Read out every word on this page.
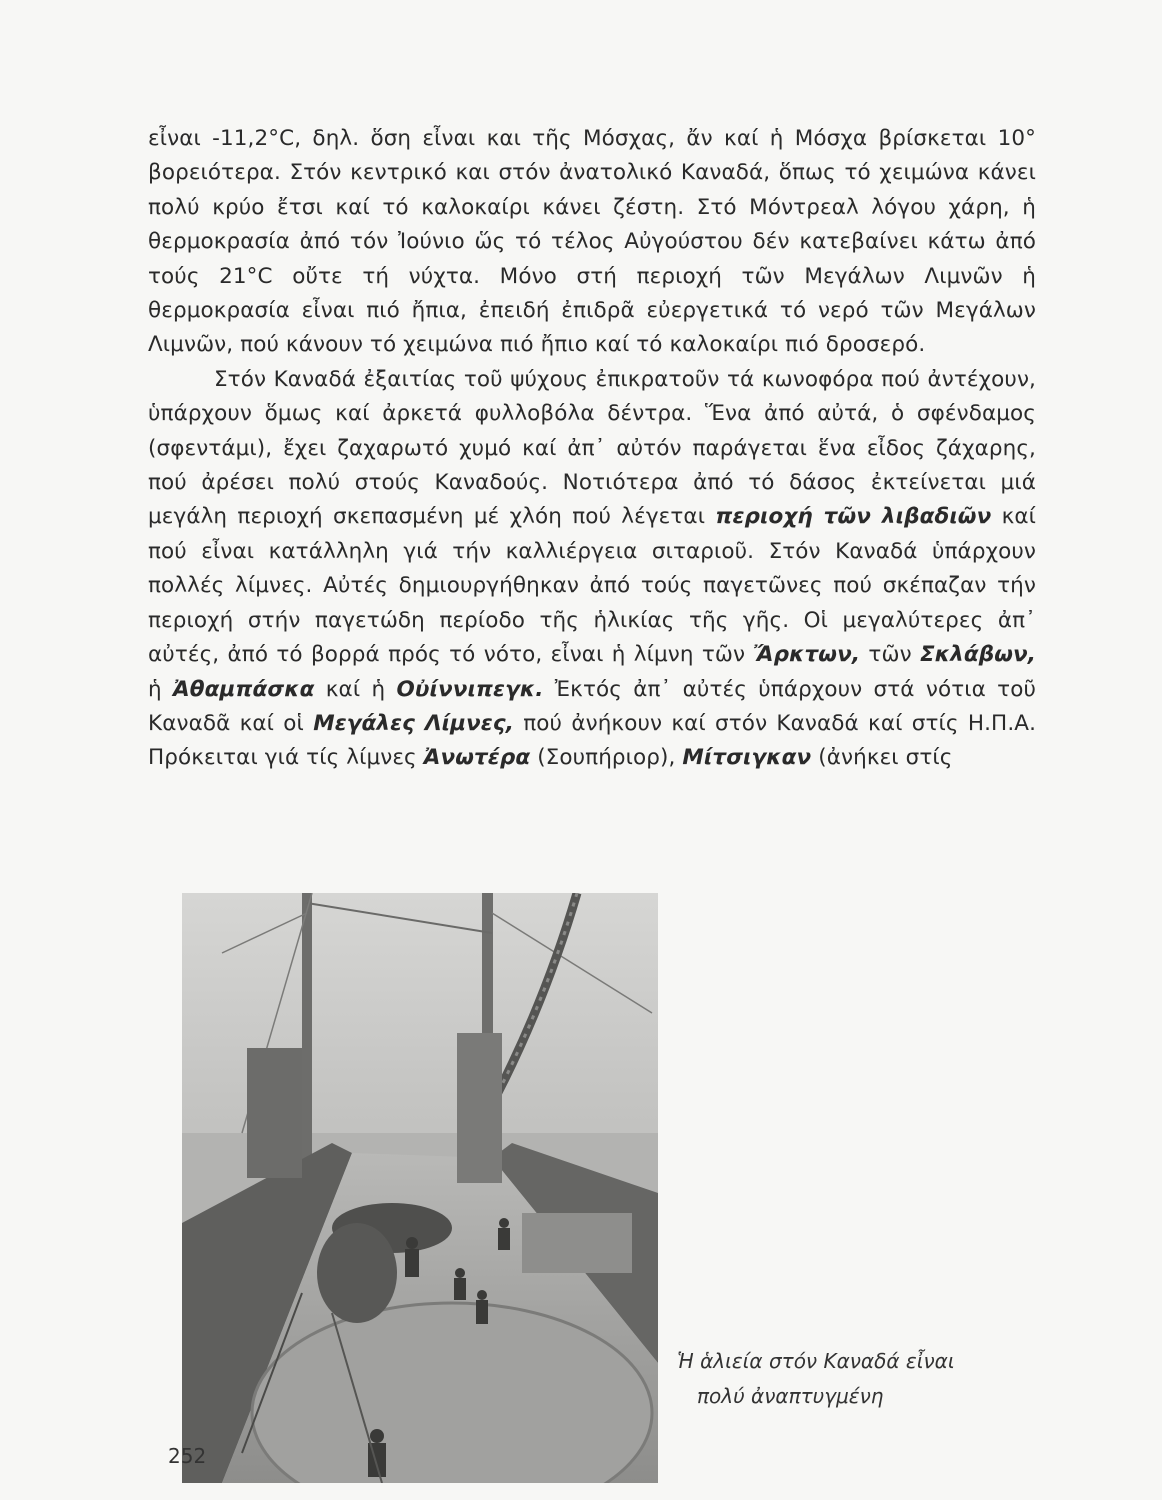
εἶναι -11,2°C, δηλ. ὅση εἶναι και τῆς Μόσχας, ἄν καί ἡ Μόσχα βρίσκεται 10° βορειότερα. Στόν κεντρικό και στόν ἀνατολικό Καναδά, ὅπως τό χειμώνα κάνει πολύ κρύο ἔτσι καί τό καλοκαίρι κάνει ζέστη. Στό Μόντρεαλ λόγου χάρη, ἡ θερμοκρασία ἀπό τόν Ἰούνιο ὥς τό τέλος Αὐγούστου δέν κατεβαίνει κάτω ἀπό τούς 21°C οὔτε τή νύχτα. Μόνο στή περιοχή τῶν Μεγάλων Λιμνῶν ἡ θερμοκρασία εἶναι πιό ἤπια, ἐπειδή ἐπιδρᾶ εὐεργετικά τό νερό τῶν Μεγάλων Λιμνῶν, πού κάνουν τό χειμώνα πιό ἤπιο καί τό καλοκαίρι πιό δροσερό.

Στόν Καναδά ἐξαιτίας τοῦ ψύχους ἐπικρατοῦν τά κωνοφόρα πού ἀντέχουν, ὑπάρχουν ὅμως καί ἀρκετά φυλλοβόλα δέντρα. Ἕνα ἀπό αὐτά, ὁ σφένδαμος (σφεντάμι), ἔχει ζαχαρωτό χυμό καί ἀπ᾽ αὐτόν παράγεται ἕνα εἶδος ζάχαρης, πού ἀρέσει πολύ στούς Καναδούς. Νοτιότερα ἀπό τό δάσος ἐκτείνεται μιά μεγάλη περιοχή σκεπασμένη μέ χλόη πού λέγεται περιοχή τῶν λιβαδιῶν καί πού εἶναι κατάλληλη γιά τήν καλλιέργεια σιταριοῦ. Στόν Καναδά ὑπάρχουν πολλές λίμνες. Αὐτές δημιουργήθηκαν ἀπό τούς παγετῶνες πού σκέπαζαν τήν περιοχή στήν παγετώδη περίοδο τῆς ἡλικίας τῆς γῆς. Οἱ μεγαλύτερες ἀπ᾽ αὐτές, ἀπό τό βορρά πρός τό νότο, εἶναι ἡ λίμνη τῶν Ἄρκτων, τῶν Σκλάβων, ἡ Ἀθαμπάσκα καί ἡ Οὐίννιπεγκ. Ἐκτός ἀπ᾽ αὐτές ὑπάρχουν στά νότια τοῦ Καναδᾶ καί οἱ Μεγάλες Λίμνες, πού ἀνήκουν καί στόν Καναδά καί στίς Η.Π.Α. Πρόκειται γιά τίς λίμνες Ἀνωτέρα (Σουπήριορ), Μίτσιγκαν (ἀνήκει στίς

Ἡ ἁλιεία στόν Καναδά εἶναι
πολύ ἀναπτυγμένη
252
